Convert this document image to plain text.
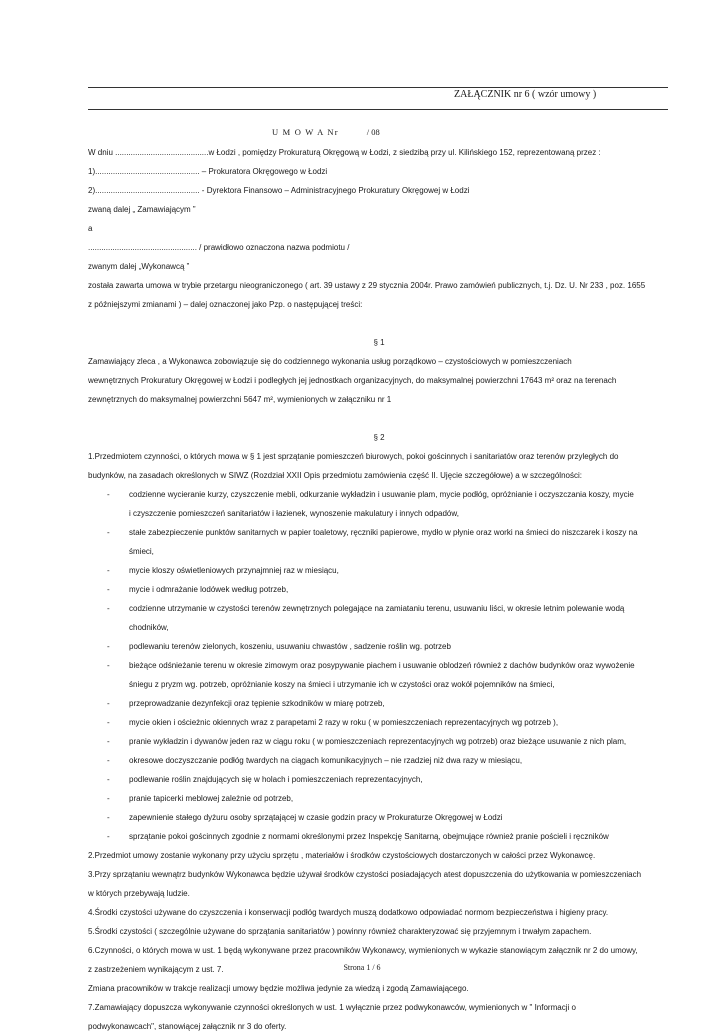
ZAŁĄCZNIK nr 6 ( wzór umowy )
U M O W A Nr	/ 08

W dniu ..........................................w Łodzi , pomiędzy Prokuraturą Okręgową w Łodzi, z siedzibą przy ul. Kilińskiego 152, reprezentowaną przez :

1)............................................... – Prokuratora Okręgowego w Łodzi

2)............................................... - Dyrektora Finansowo – Administracyjnego Prokuratury Okręgowej w Łodzi

zwaną dalej „ Zamawiającym ”

a

................................................. / prawidłowo oznaczona nazwa podmiotu /

zwanym dalej „Wykonawcą ”

została zawarta umowa w trybie przetargu nieograniczonego ( art. 39 ustawy z 29 stycznia 2004r. Prawo zamówień publicznych, t.j. Dz. U. Nr 233 , poz. 1655

z późniejszymi zmianami ) – dalej oznaczonej jako Pzp. o następującej treści:

§ 1

Zamawiający zleca , a Wykonawca zobowiązuje się do codziennego wykonania usług porządkowo – czystościowych w pomieszczeniach

wewnętrznych Prokuratury Okręgowej w Łodzi i podległych jej jednostkach organizacyjnych, do maksymalnej powierzchni 17643 m² oraz na terenach

zewnętrznych do maksymalnej powierzchni 5647 m², wymienionych w załączniku nr 1

§ 2

1.Przedmiotem czynności, o których mowa w § 1 jest sprzątanie pomieszczeń biurowych, pokoi gościnnych i sanitariatów oraz terenów przyległych do

budynków, na zasadach określonych w SIWZ (Rozdział XXII Opis przedmiotu zamówienia część II. Ujęcie szczegółowe) a w szczególności:

- codzienne wycieranie kurzy, czyszczenie mebli, odkurzanie wykładzin i usuwanie plam, mycie podłóg, opróżnianie i oczyszczania koszy, mycie
i czyszczenie pomieszczeń sanitariatów i łazienek, wynoszenie makulatury i innych odpadów,
- stałe zabezpieczenie punktów sanitarnych w papier toaletowy, ręczniki papierowe, mydło w płynie oraz worki na śmieci do niszczarek i koszy na
śmieci,
- mycie kloszy oświetleniowych przynajmniej raz w miesiącu,
- mycie i odmrażanie lodówek według potrzeb,
- codzienne utrzymanie w czystości terenów zewnętrznych polegające na zamiataniu terenu, usuwaniu liści, w okresie letnim polewanie wodą
chodników,
- podlewaniu terenów zielonych, koszeniu, usuwaniu chwastów , sadzenie roślin wg. potrzeb
- bieżące odśnieżanie terenu w okresie zimowym oraz posypywanie piachem i usuwanie oblodzeń również z dachów budynków oraz wywożenie
śniegu z pryzm wg. potrzeb, opróżnianie koszy na śmieci i utrzymanie ich w czystości oraz wokół pojemników na śmieci,
- przeprowadzanie dezynfekcji oraz tępienie szkodników w miarę potrzeb,
- mycie okien i ościeżnic okiennych wraz z parapetami 2 razy w roku ( w pomieszczeniach reprezentacyjnych wg potrzeb ),
- pranie wykładzin i dywanów jeden raz w ciągu roku ( w pomieszczeniach reprezentacyjnych wg potrzeb) oraz bieżące usuwanie z nich plam,
- okresowe doczyszczanie podłóg twardych na ciągach komunikacyjnych – nie rzadziej niż dwa razy w miesiącu,
- podlewanie roślin znajdujących się w holach i pomieszczeniach reprezentacyjnych,
- pranie tapicerki meblowej zależnie od potrzeb,
- zapewnienie stałego dyżuru osoby sprzątającej w czasie godzin pracy w Prokuraturze Okręgowej w Łodzi
- sprzątanie pokoi gościnnych zgodnie z normami określonymi przez Inspekcję Sanitarną, obejmujące również pranie pościeli i ręczników

2.Przedmiot umowy zostanie wykonany przy użyciu sprzętu , materiałów i środków czystościowych dostarczonych w całości przez Wykonawcę.

3.Przy sprzątaniu wewnątrz budynków Wykonawca będzie używał środków czystości posiadających atest dopuszczenia do użytkowania w pomieszczeniach

w których przebywają ludzie.

4.Środki czystości używane do czyszczenia i konserwacji podłóg twardych muszą dodatkowo odpowiadać normom bezpieczeństwa i higieny pracy.

5.Środki czystości ( szczególnie używane do sprzątania sanitariatów ) powinny również charakteryzować się przyjemnym i trwałym zapachem.

6.Czynności, o których mowa w ust. 1 będą wykonywane przez pracowników Wykonawcy, wymienionych w wykazie stanowiącym załącznik nr 2 do umowy,

z zastrzeżeniem wynikającym z ust. 7.

Zmiana pracowników w trakcje realizacji umowy będzie możliwa jedynie za wiedzą i zgodą Zamawiającego.

7.Zamawiający dopuszcza wykonywanie czynności określonych w ust. 1 wyłącznie przez podwykonawców, wymienionych w " Informacji o

podwykonawcach", stanowiącej załącznik nr 3 do oferty.

Strona 1 / 6
